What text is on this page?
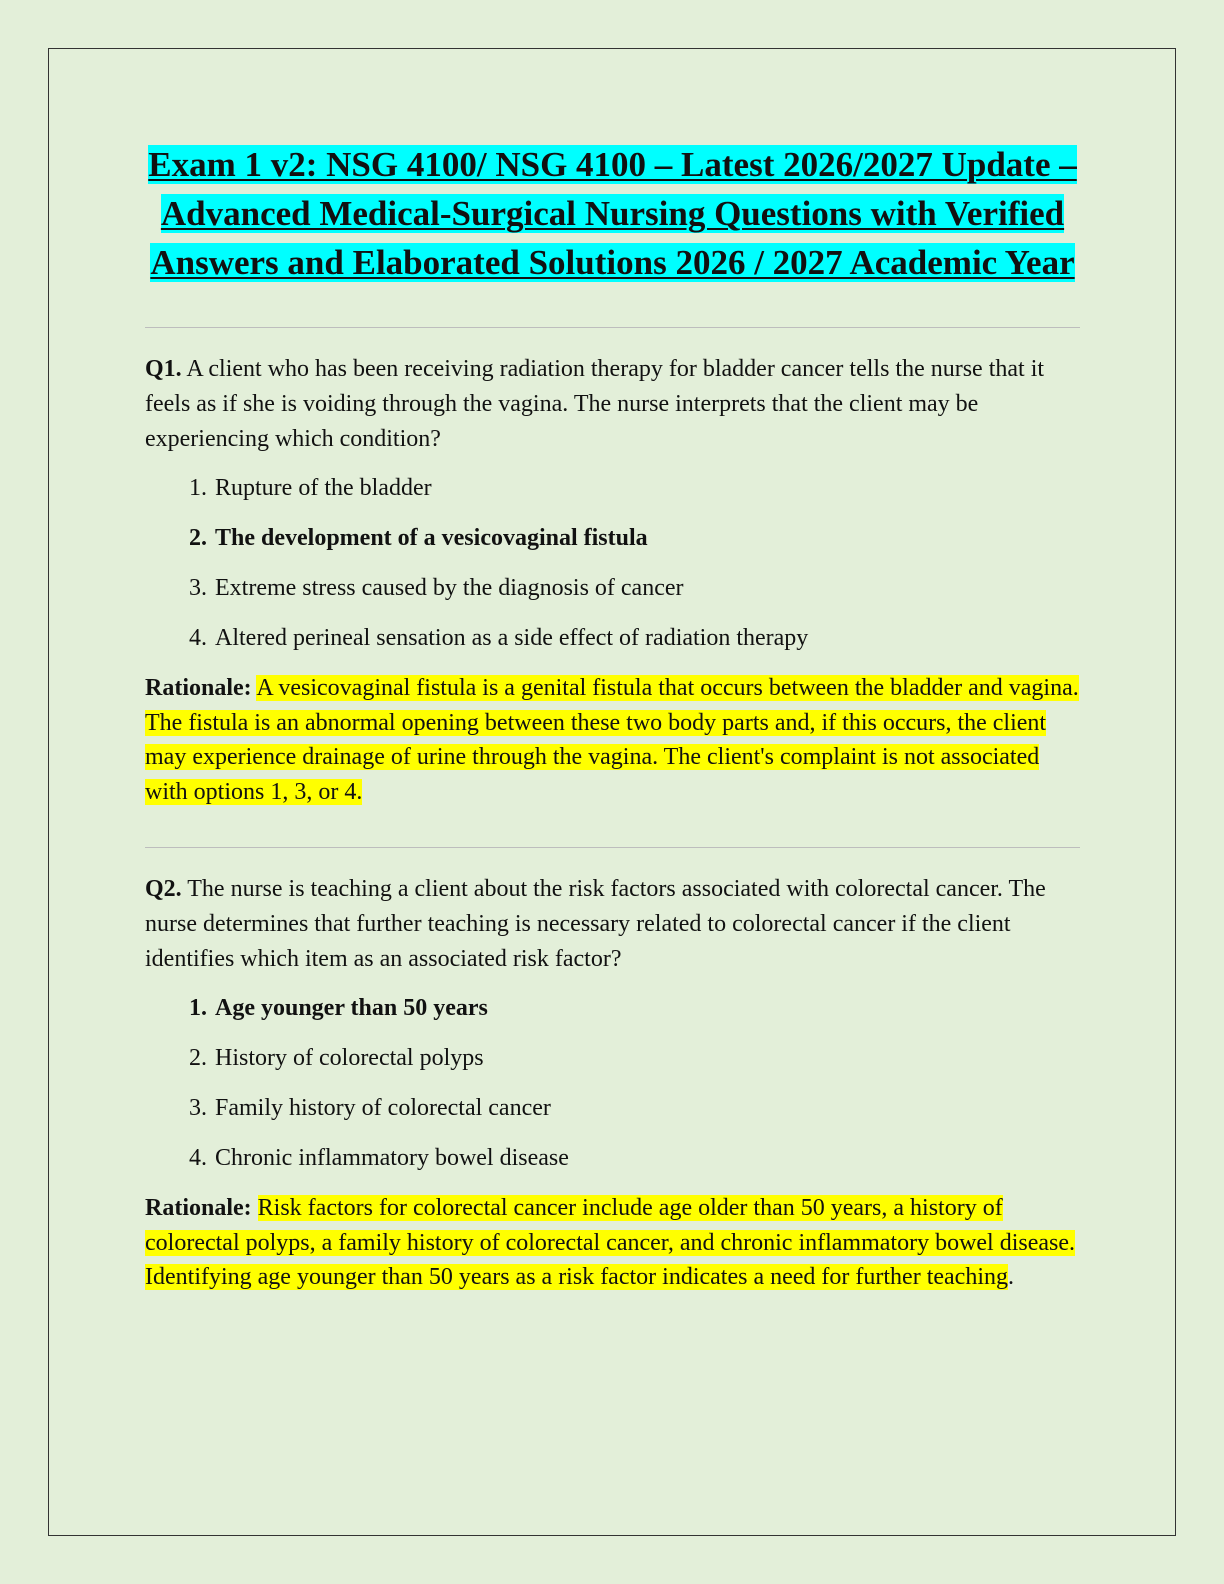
Exam 1 v2: NSG 4100/ NSG 4100 – Latest 2026/2027 Update – Advanced Medical-Surgical Nursing Questions with Verified Answers and Elaborated Solutions 2026 / 2027 Academic Year

Q1. A client who has been receiving radiation therapy for bladder cancer tells the nurse that it feels as if she is voiding through the vagina. The nurse interprets that the client may be experiencing which condition?

1. Rupture of the bladder
2. The development of a vesicovaginal fistula
3. Extreme stress caused by the diagnosis of cancer
4. Altered perineal sensation as a side effect of radiation therapy

Rationale: A vesicovaginal fistula is a genital fistula that occurs between the bladder and vagina. The fistula is an abnormal opening between these two body parts and, if this occurs, the client may experience drainage of urine through the vagina. The client's complaint is not associated with options 1, 3, or 4.

Q2. The nurse is teaching a client about the risk factors associated with colorectal cancer. The nurse determines that further teaching is necessary related to colorectal cancer if the client identifies which item as an associated risk factor?

1. Age younger than 50 years
2. History of colorectal polyps
3. Family history of colorectal cancer
4. Chronic inflammatory bowel disease

Rationale: Risk factors for colorectal cancer include age older than 50 years, a history of colorectal polyps, a family history of colorectal cancer, and chronic inflammatory bowel disease. Identifying age younger than 50 years as a risk factor indicates a need for further teaching.
